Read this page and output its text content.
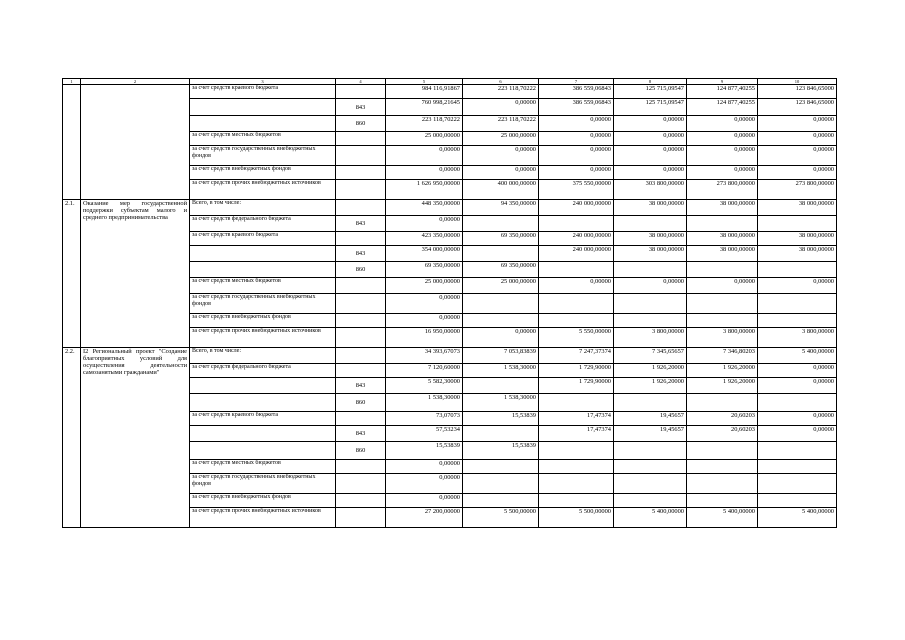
1	2	3	4	5	6	7	8	9	10
		за счет средств краевого бюджета		984 116,91867	223 118,70222	386 559,06843	125 715,09547	124 877,40255	123 846,65000
			843	760 998,21645	0,00000	386 559,06843	125 715,09547	124 877,40255	123 846,65000
			860	223 118,70222	223 118,70222	0,00000	0,00000	0,00000	0,00000
		за счет средств местных бюджетов		25 000,00000	25 000,00000	0,00000	0,00000	0,00000	0,00000
		за счет средств государственных внебюджетных фондов		0,00000	0,00000	0,00000	0,00000	0,00000	0,00000
		за счет средств внебюджетных фондов		0,00000	0,00000	0,00000	0,00000	0,00000	0,00000
		за счет средств прочих внебюджетных источников		1 626 950,00000	400 000,00000	375 550,00000	303 800,00000	273 800,00000	273 800,00000
2.1.	Оказание мер государственной поддержки субъектам малого и среднего предпринимательства	Всего, в том числе:		448 350,00000	94 350,00000	240 000,00000	38 000,00000	38 000,00000	38 000,00000
		за счет средств федерального бюджета	843	0,00000					
		за счет средств краевого бюджета		423 350,00000	69 350,00000	240 000,00000	38 000,00000	38 000,00000	38 000,00000
			843	354 000,00000		240 000,00000	38 000,00000	38 000,00000	38 000,00000
			860	69 350,00000	69 350,00000				
		за счет средств местных бюджетов		25 000,00000	25 000,00000	0,00000	0,00000	0,00000	0,00000
		за счет средств государственных внебюджетных фондов		0,00000					
		за счет средств внебюджетных фондов		0,00000					
		за счет средств прочих внебюджетных источников		16 950,00000	0,00000	5 550,00000	3 800,00000	3 800,00000	3 800,00000
2.2.	I2 Региональный проект "Создание благоприятных условий для осуществления деятельности самозанятыми гражданами"	Всего, в том числе:		34 393,67073	7 053,83839	7 247,37374	7 345,65657	7 346,80203	5 400,00000
		за счет средств федерального бюджета		7 120,60000	1 538,30000	1 729,90000	1 926,20000	1 926,20000	0,00000
			843	5 582,30000		1 729,90000	1 926,20000	1 926,20000	0,00000
			860	1 538,30000	1 538,30000				
		за счет средств краевого бюджета		73,07073	15,53839	17,47374	19,45657	20,60203	0,00000
			843	57,53234		17,47374	19,45657	20,60203	0,00000
			860	15,53839	15,53839				
		за счет средств местных бюджетов		0,00000					
		за счет средств государственных внебюджетных фондов		0,00000					
		за счет средств внебюджетных фондов		0,00000					
		за счет средств прочих внебюджетных источников		27 200,00000	5 500,00000	5 500,00000	5 400,00000	5 400,00000	5 400,00000
